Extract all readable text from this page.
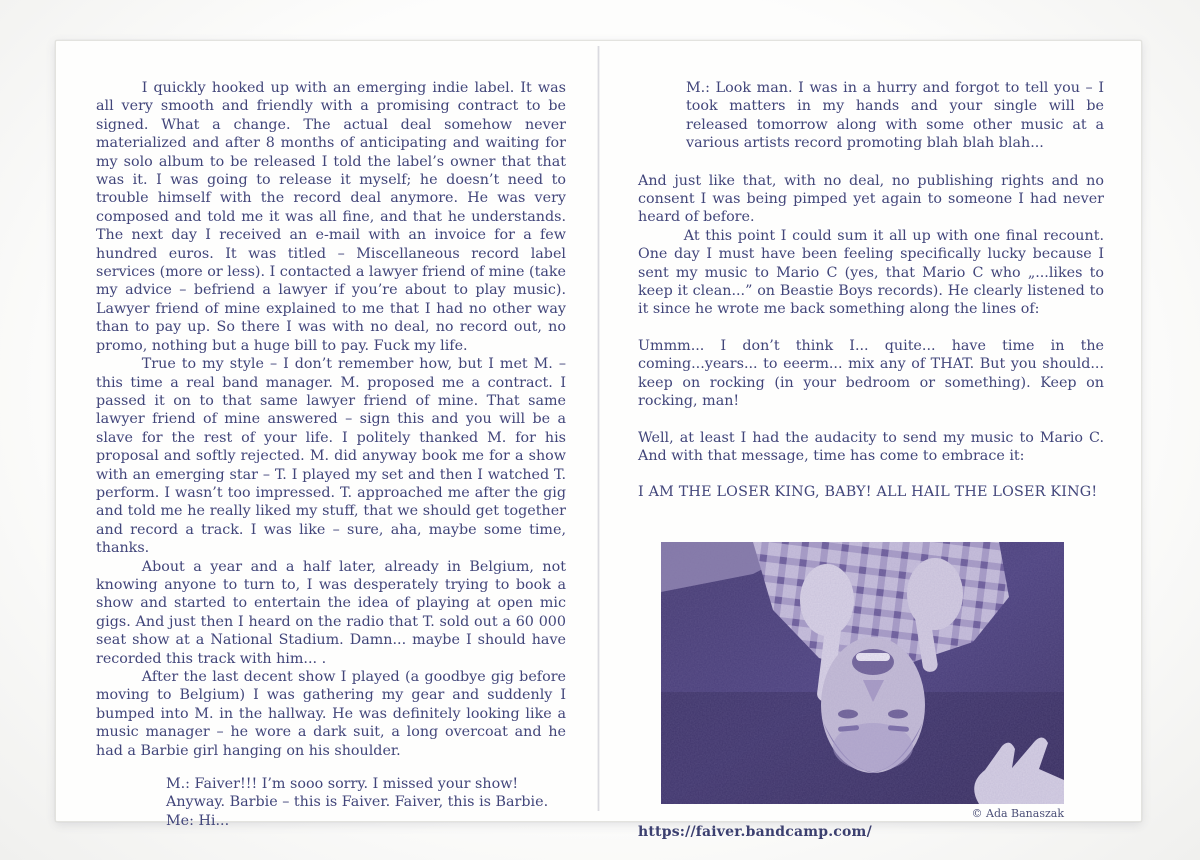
I quickly hooked up with an emerging indie label. It was all very smooth and friendly with a promising contract to be signed. What a change. The actual deal somehow never materialized and after 8 months of anticipating and waiting for my solo album to be released I told the label’s owner that that was it. I was going to release it myself; he doesn’t need to trouble himself with the record deal anymore. He was very composed and told me it was all fine, and that he understands. The next day I received an e-mail with an invoice for a few hundred euros. It was titled – Miscellaneous record label services (more or less). I contacted a lawyer friend of mine (take my advice – befriend a lawyer if you’re about to play music). Lawyer friend of mine explained to me that I had no other way than to pay up. So there I was with no deal, no record out, no promo, nothing but a huge bill to pay. Fuck my life.

True to my style – I don’t remember how, but I met M. – this time a real band manager. M. proposed me a contract. I passed it on to that same lawyer friend of mine. That same lawyer friend of mine answered – sign this and you will be a slave for the rest of your life. I politely thanked M. for his proposal and softly rejected. M. did anyway book me for a show with an emerging star – T. I played my set and then I watched T. perform. I wasn’t too impressed. T. approached me after the gig and told me he really liked my stuff, that we should get together and record a track. I was like – sure, aha, maybe some time, thanks.

About a year and a half later, already in Belgium, not knowing anyone to turn to, I was desperately trying to book a show and started to entertain the idea of playing at open mic gigs. And just then I heard on the radio that T. sold out a 60 000 seat show at a National Stadium. Damn... maybe I should have recorded this track with him... .

After the last decent show I played (a goodbye gig before moving to Belgium) I was gathering my gear and suddenly I bumped into M. in the hallway. He was definitely looking like a music manager – he wore a dark suit, a long overcoat and he had a Barbie girl hanging on his shoulder.

M.: Faiver!!! I’m sooo sorry. I missed your show! Anyway. Barbie – this is Faiver. Faiver, this is Barbie.
Me: Hi...
M.: Look man. I was in a hurry and forgot to tell you – I took matters in my hands and your single will be released tomorrow along with some other music at a various artists record promoting blah blah blah...

And just like that, with no deal, no publishing rights and no consent I was being pimped yet again to someone I had never heard of before.

At this point I could sum it all up with one final recount. One day I must have been feeling specifically lucky because I sent my music to Mario C (yes, that Mario C who „...likes to keep it clean...” on Beastie Boys records). He clearly listened to it since he wrote me back something along the lines of:

Ummm... I don’t think I... quite... have time in the coming...years... to eeerm... mix any of THAT. But you should... keep on rocking (in your bedroom or something). Keep on rocking, man!

Well, at least I had the audacity to send my music to Mario C. And with that message, time has come to embrace it:

I AM THE LOSER KING, BABY! ALL HAIL THE LOSER KING!

© Ada Banaszak
https://faiver.bandcamp.com/
